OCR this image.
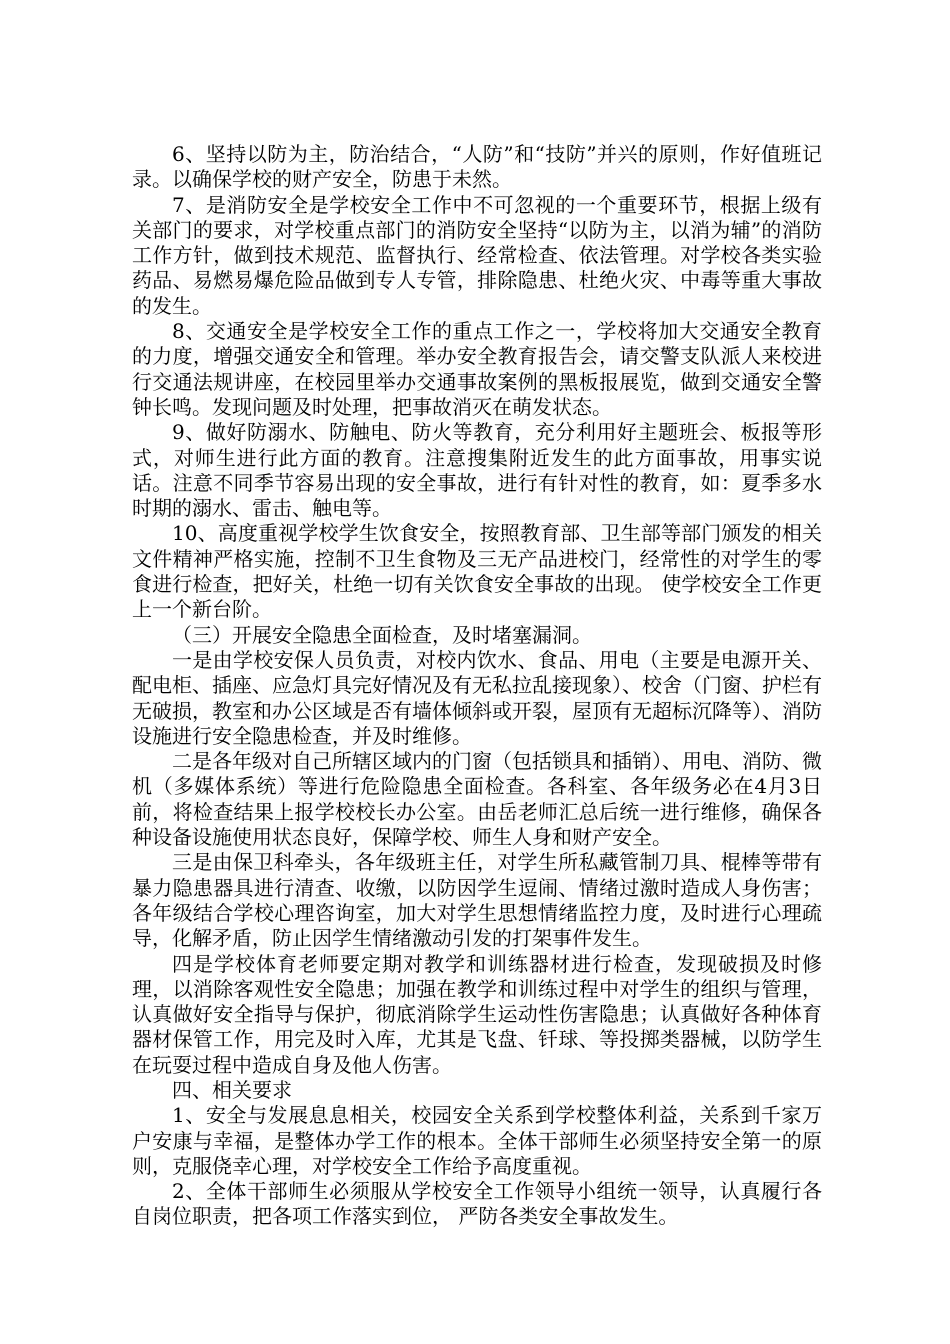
6、坚持以防为主，防治结合，“人防”和“技防”并兴的原则，作好值班记录。以确保学校的财产安全，防患于未然。

7、是消防安全是学校安全工作中不可忽视的一个重要环节，根据上级有关部门的要求，对学校重点部门的消防安全坚持“以防为主，以消为辅”的消防工作方针，做到技术规范、监督执行、经常检查、依法管理。对学校各类实验药品、易燃易爆危险品做到专人专管，排除隐患、杜绝火灾、中毒等重大事故的发生。

8、交通安全是学校安全工作的重点工作之一，学校将加大交通安全教育的力度，增强交通安全和管理。举办安全教育报告会，请交警支队派人来校进行交通法规讲座，在校园里举办交通事故案例的黑板报展览，做到交通安全警钟长鸣。发现问题及时处理，把事故消灭在萌发状态。

9、做好防溺水、防触电、防火等教育，充分利用好主题班会、板报等形式，对师生进行此方面的教育。注意搜集附近发生的此方面事故，用事实说话。注意不同季节容易出现的安全事故，进行有针对性的教育，如：夏季多水时期的溺水、雷击、触电等。

10、高度重视学校学生饮食安全，按照教育部、卫生部等部门颁发的相关文件精神严格实施，控制不卫生食物及三无产品进校门，经常性的对学生的零食进行检查，把好关，杜绝一切有关饮食安全事故的出现。 使学校安全工作更上一个新台阶。

（三）开展安全隐患全面检查，及时堵塞漏洞。

一是由学校安保人员负责，对校内饮水、食品、用电（主要是电源开关、配电柜、插座、应急灯具完好情况及有无私拉乱接现象）、校舍（门窗、护栏有无破损，教室和办公区域是否有墙体倾斜或开裂，屋顶有无超标沉降等）、消防设施进行安全隐患检查，并及时维修。

二是各年级对自己所辖区域内的门窗（包括锁具和插销）、用电、消防、微机（多媒体系统）等进行危险隐患全面检查。各科室、各年级务必在4月3日前，将检查结果上报学校校长办公室。由岳老师汇总后统一进行维修，确保各种设备设施使用状态良好，保障学校、师生人身和财产安全。

三是由保卫科牵头，各年级班主任，对学生所私藏管制刀具、棍棒等带有暴力隐患器具进行清查、收缴，以防因学生逗闹、情绪过激时造成人身伤害；各年级结合学校心理咨询室，加大对学生思想情绪监控力度，及时进行心理疏导，化解矛盾，防止因学生情绪激动引发的打架事件发生。

四是学校体育老师要定期对教学和训练器材进行检查，发现破损及时修理，以消除客观性安全隐患；加强在教学和训练过程中对学生的组织与管理，认真做好安全指导与保护，彻底消除学生运动性伤害隐患；认真做好各种体育器材保管工作，用完及时入库，尤其是飞盘、钎球、等投掷类器械，以防学生在玩耍过程中造成自身及他人伤害。

四、相关要求

1、安全与发展息息相关，校园安全关系到学校整体利益，关系到千家万户安康与幸福，是整体办学工作的根本。全体干部师生必须坚持安全第一的原则，克服侥幸心理，对学校安全工作给予高度重视。

2、全体干部师生必须服从学校安全工作领导小组统一领导，认真履行各自岗位职责，把各项工作落实到位， 严防各类安全事故发生。
